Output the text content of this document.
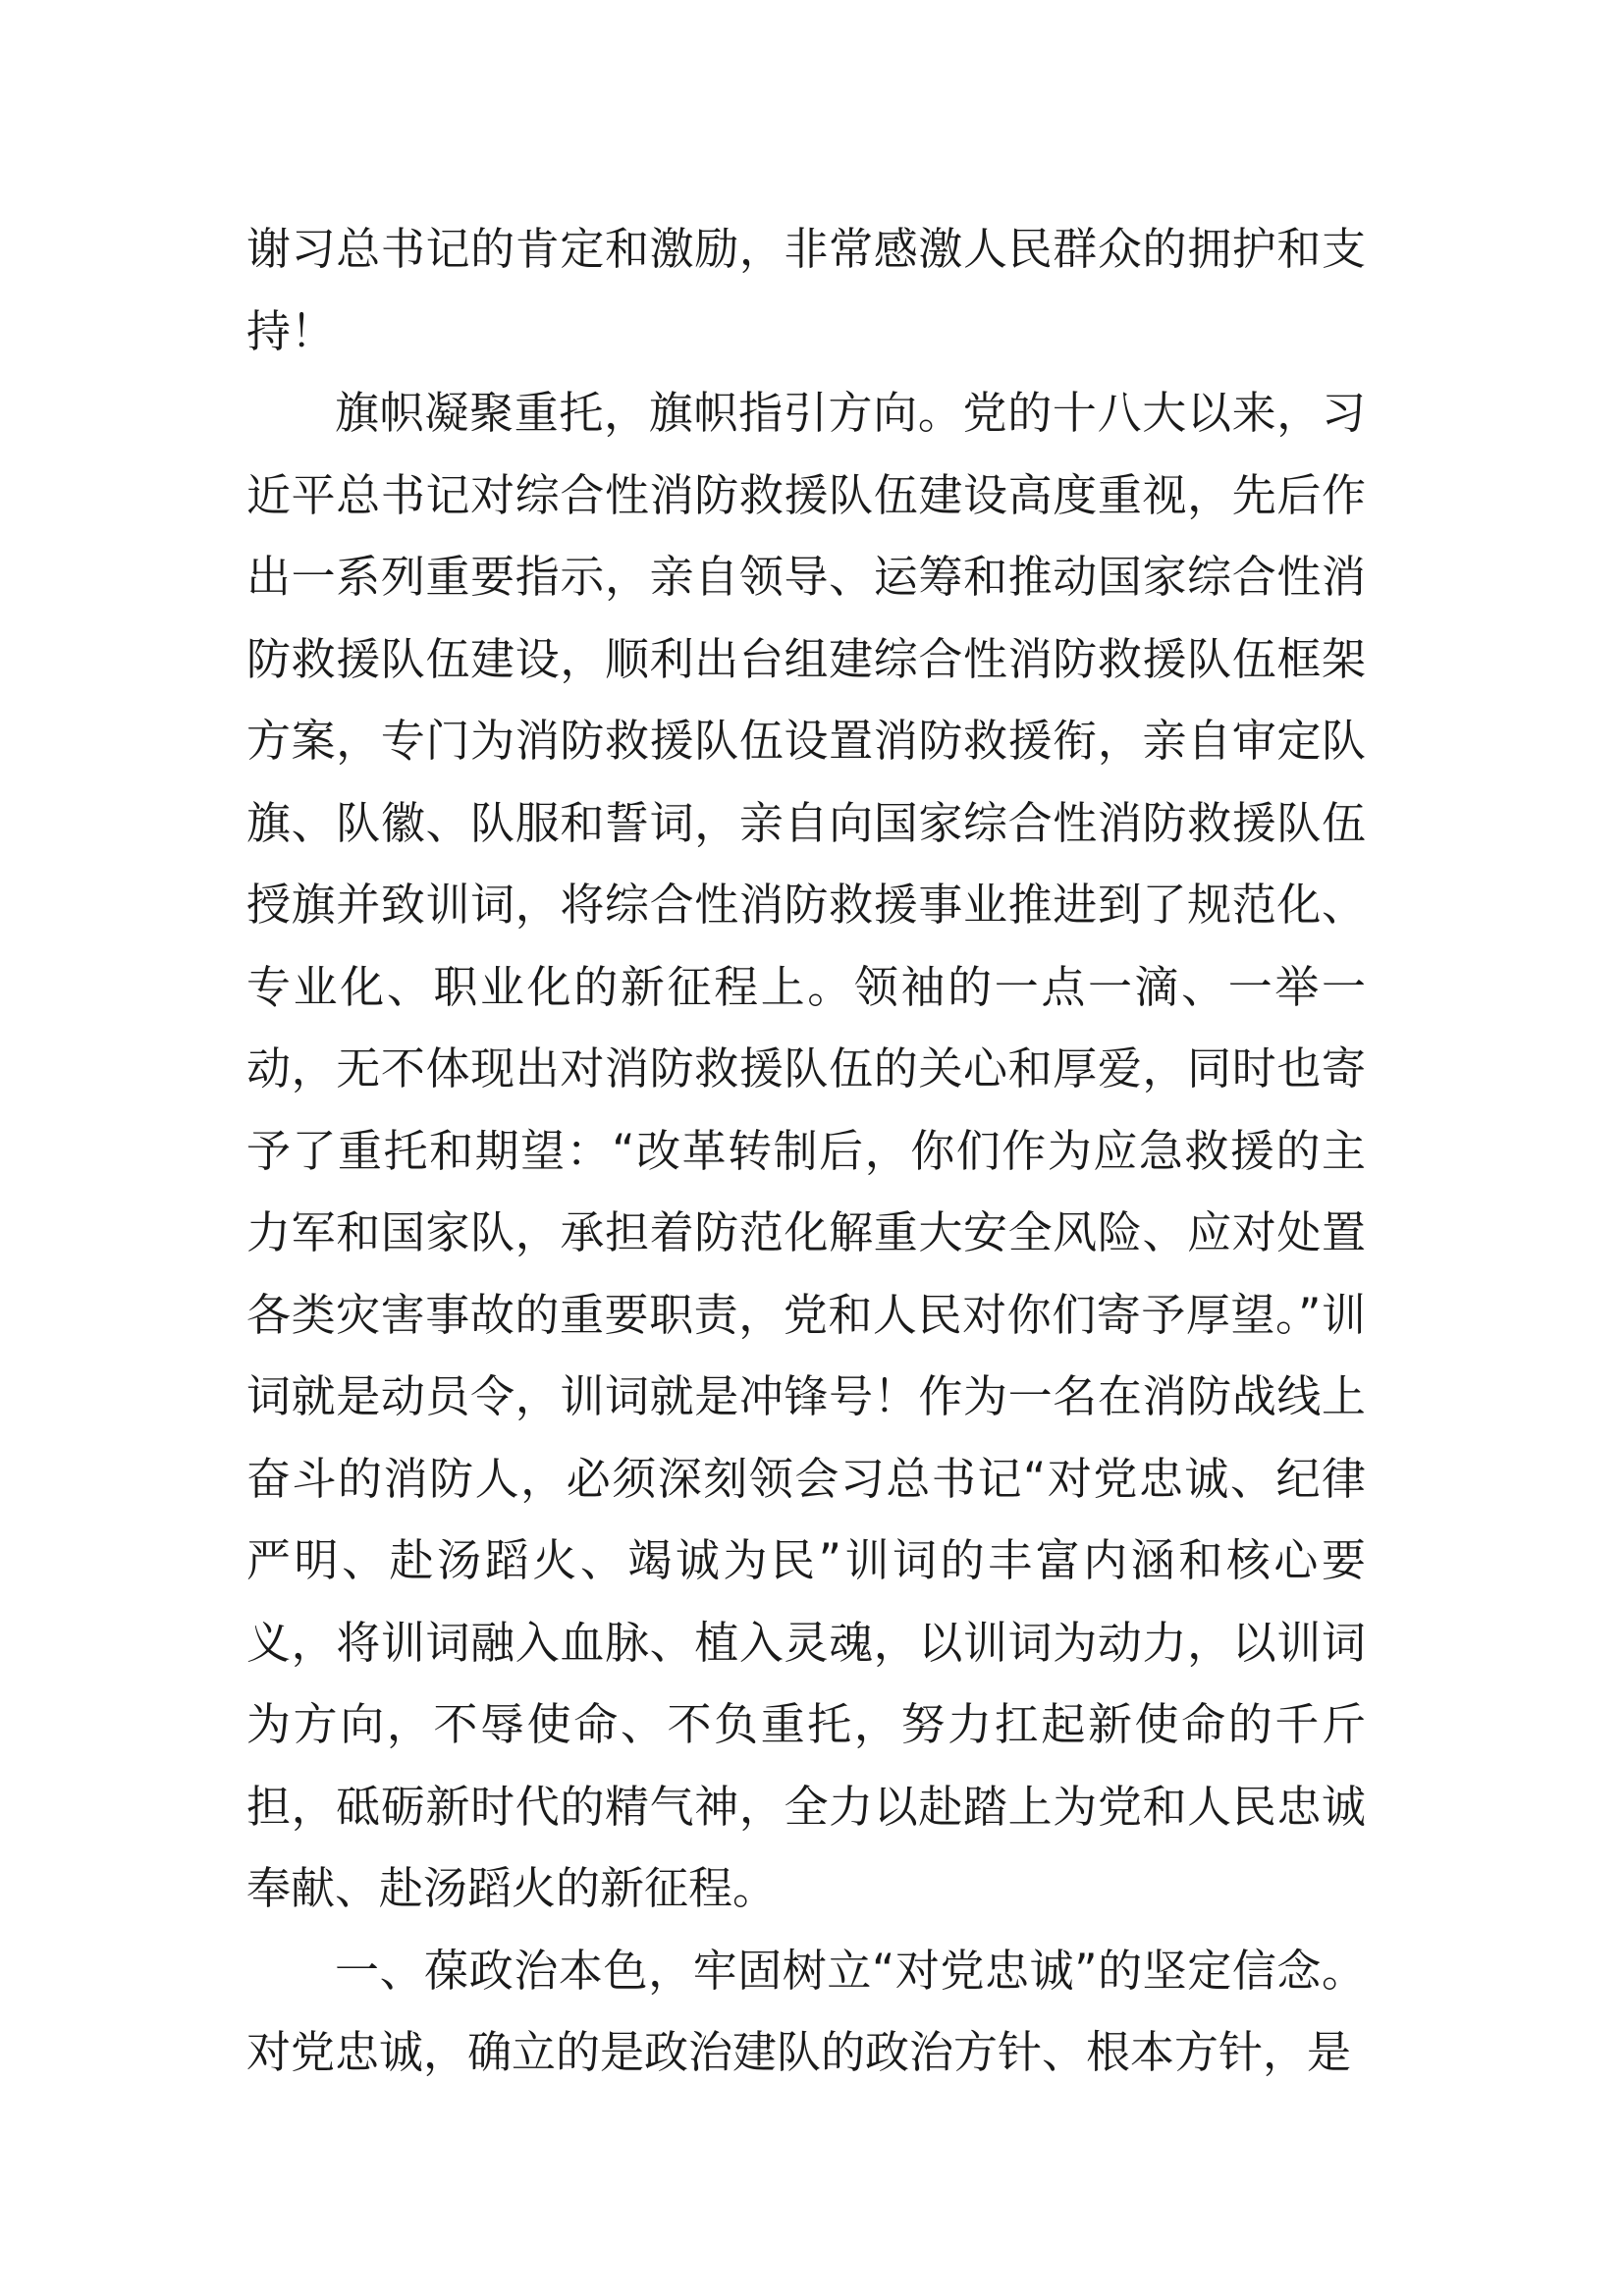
谢习总书记的肯定和激励，非常感激人民群众的拥护和支持！

旗帜凝聚重托，旗帜指引方向。党的十八大以来，习近平总书记对综合性消防救援队伍建设高度重视，先后作出一系列重要指示，亲自领导、运筹和推动国家综合性消防救援队伍建设，顺利出台组建综合性消防救援队伍框架方案，专门为消防救援队伍设置消防救援衔，亲自审定队旗、队徽、队服和誓词，亲自向国家综合性消防救援队伍授旗并致训词，将综合性消防救援事业推进到了规范化、专业化、职业化的新征程上。领袖的一点一滴、一举一动，无不体现出对消防救援队伍的关心和厚爱，同时也寄予了重托和期望：“改革转制后，你们作为应急救援的主力军和国家队，承担着防范化解重大安全风险、应对处置各类灾害事故的重要职责，党和人民对你们寄予厚望。”训词就是动员令，训词就是冲锋号！作为一名在消防战线上奋斗的消防人，必须深刻领会习总书记“对党忠诚、纪律严明、赴汤蹈火、竭诚为民”训词的丰富内涵和核心要义，将训词融入血脉、植入灵魂，以训词为动力，以训词为方向，不辱使命、不负重托，努力扛起新使命的千斤担，砥砺新时代的精气神，全力以赴踏上为党和人民忠诚奉献、赴汤蹈火的新征程。

一、葆政治本色，牢固树立“对党忠诚”的坚定信念。对党忠诚，确立的是政治建队的政治方针、根本方针，是
